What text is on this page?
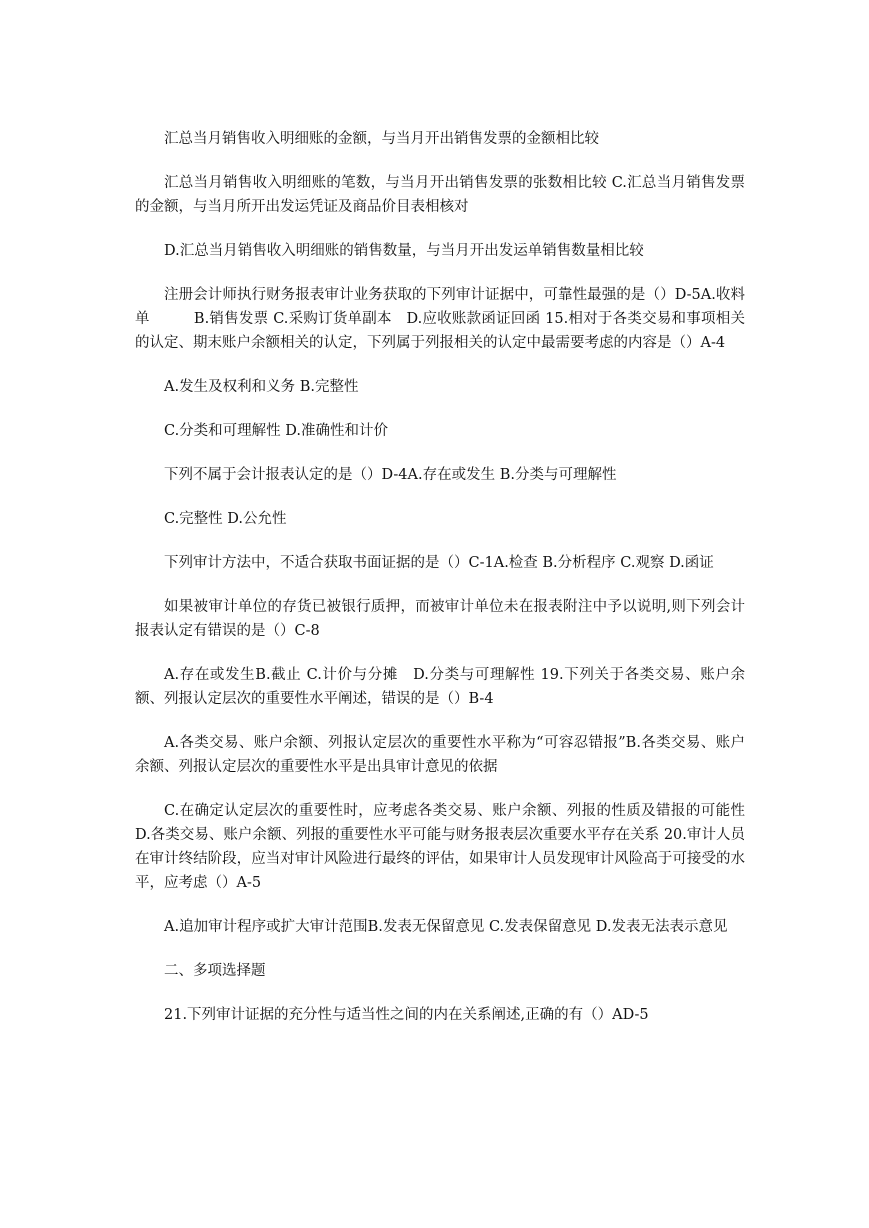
汇总当月销售收入明细账的金额，与当月开出销售发票的金额相比较

汇总当月销售收入明细账的笔数，与当月开出销售发票的张数相比较 C.汇总当月销售发票的金额，与当月所开出发运凭证及商品价目表相核对

D.汇总当月销售收入明细账的销售数量，与当月开出发运单销售数量相比较

注册会计师执行财务报表审计业务获取的下列审计证据中，可靠性最强的是（）D-5A.收料单　　　B.销售发票 C.采购订货单副本　D.应收账款函证回函 15.相对于各类交易和事项相关的认定、期末账户余额相关的认定，下列属于列报相关的认定中最需要考虑的内容是（）A-4

A.发生及权利和义务 B.完整性

C.分类和可理解性 D.准确性和计价

下列不属于会计报表认定的是（）D-4A.存在或发生 B.分类与可理解性

C.完整性 D.公允性

下列审计方法中，不适合获取书面证据的是（）C-1A.检查 B.分析程序 C.观察 D.函证

如果被审计单位的存货已被银行质押，而被审计单位未在报表附注中予以说明,则下列会计报表认定有错误的是（）C-8

A.存在或发生B.截止 C.计价与分摊　D.分类与可理解性 19.下列关于各类交易、账户余额、列报认定层次的重要性水平阐述，错误的是（）B-4

A.各类交易、账户余额、列报认定层次的重要性水平称为“可容忍错报”B.各类交易、账户余额、列报认定层次的重要性水平是出具审计意见的依据

C.在确定认定层次的重要性时，应考虑各类交易、账户余额、列报的性质及错报的可能性 D.各类交易、账户余额、列报的重要性水平可能与财务报表层次重要水平存在关系 20.审计人员在审计终结阶段，应当对审计风险进行最终的评估，如果审计人员发现审计风险高于可接受的水平，应考虑（）A-5

A.追加审计程序或扩大审计范围B.发表无保留意见 C.发表保留意见 D.发表无法表示意见

二、多项选择题

21.下列审计证据的充分性与适当性之间的内在关系阐述,正确的有（）AD-5
